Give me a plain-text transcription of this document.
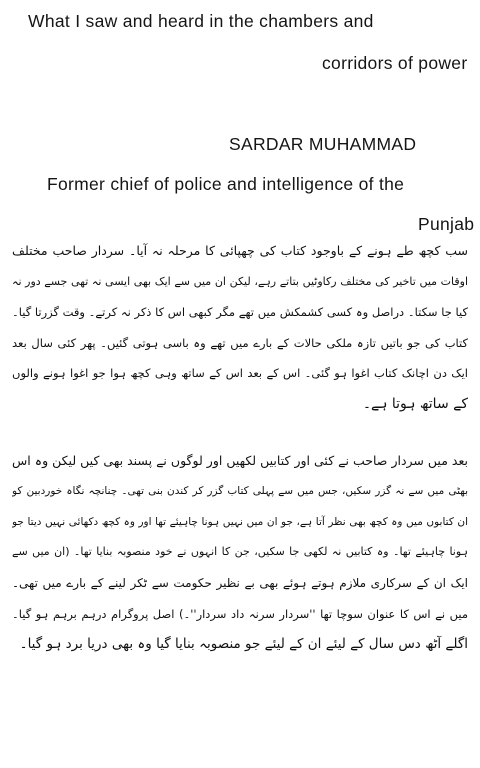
What I saw and heard in the chambers and
corridors of power
SARDAR MUHAMMAD
Former chief of police and intelligence of the
Punjab
سب کچھ طے ہونے کے باوجود کتاب کی چھپائی کا مرحلہ نہ آیا۔ سردار صاحب مختلف
اوقات میں تاخیر کی مختلف رکاوٹیں بتاتے رہے، لیکن ان میں سے ایک بھی ایسی نہ تھی جسے دور نہ
کیا جا سکتا۔ دراصل وہ کسی کشمکش میں تھے مگر کبھی اس کا ذکر نہ کرتے۔ وقت گزرتا گیا۔
کتاب کی جو باتیں تازہ ملکی حالات کے بارے میں تھے وہ باسی ہوتی گئیں۔ پھر کئی سال بعد
ایک دن اچانک کتاب اغوا ہو گئی۔ اس کے بعد اس کے ساتھ وہی کچھ ہوا جو اغوا ہونے والوں
کے ساتھ ہوتا ہے۔
بعد میں سردار صاحب نے کئی اور کتابیں لکھیں اور لوگوں نے پسند بھی کیں لیکن وہ اس
بھٹی میں سے نہ گزر سکیں، جس میں سے پہلی کتاب گزر کر کندن بنی تھی۔ چنانچہ نگاہ خوردبین کو
ان کتابوں میں وہ کچھ بھی نظر آتا ہے، جو ان میں نہیں ہونا چاہیئے تھا اور وہ کچھ دکھائی نہیں دیتا جو
ہونا چاہیئے تھا۔ وہ کتابیں نہ لکھی جا سکیں، جن کا انہوں نے خود منصوبہ بنایا تھا۔ (ان میں سے
ایک ان کے سرکاری ملازم ہوتے ہوئے بھی بے نظیر حکومت سے ٹکر لینے کے بارے میں تھی۔
میں نے اس کا عنوان سوچا تھا ''سردار سرنہ داد سردار''۔) اصل پروگرام درہم برہم ہو گیا۔
اگلے آٹھ دس سال کے لیئے ان کے لیئے جو منصوبہ بنایا گیا وہ بھی دریا برد ہو گیا۔
